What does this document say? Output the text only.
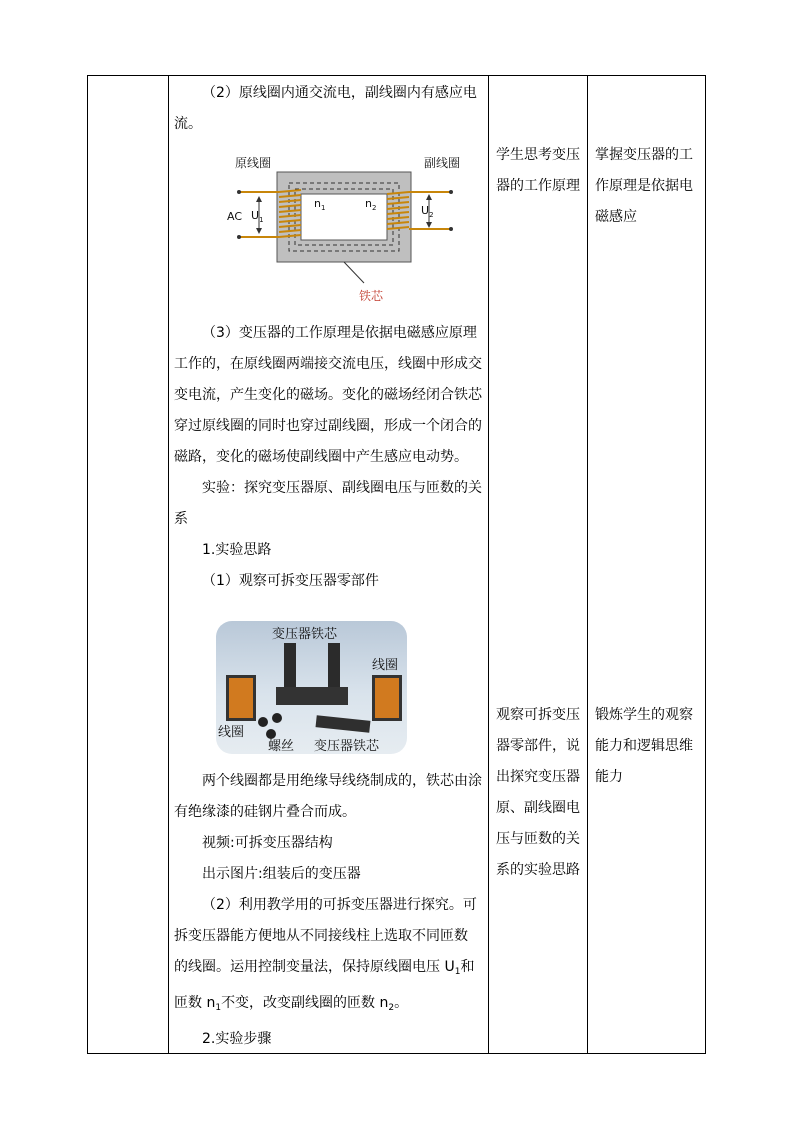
（2）原线圈内通交流电，副线圈内有感应电

流。

原线圈	副线圈
AC $U_1$
$U_2$
$n_1$	$n_2$
铁芯

（3）变压器的工作原理是依据电磁感应原理

工作的，在原线圈两端接交流电压，线圈中形成交

变电流，产生变化的磁场。变化的磁场经闭合铁芯

穿过原线圈的同时也穿过副线圈，形成一个闭合的

磁路，变化的磁场使副线圈中产生感应电动势。

实验：探究变压器原、副线圈电压与匝数的关

系

1.实验思路

（1）观察可拆变压器零部件

变压器铁芯
线圈
线圈
螺丝 变压器铁芯

两个线圈都是用绝缘导线绕制成的，铁芯由涂

有绝缘漆的硅钢片叠合而成。

视频:可拆变压器结构

出示图片:组装后的变压器

（2）利用教学用的可拆变压器进行探究。可

拆变压器能方便地从不同接线柱上选取不同匝数

的线圈。运用控制变量法，保持原线圈电压 $U_1$和

匝数 $n_1$不变，改变副线圈的匝数 $n_2$。

2.实验步骤

学生思考变压
器的工作原理
观察可拆变压
器零部件，说
出探究变压器
原、副线圈电
压与匝数的关
系的实验思路
掌握变压器的工
作原理是依据电
磁感应
锻炼学生的观察
能力和逻辑思维
能力
